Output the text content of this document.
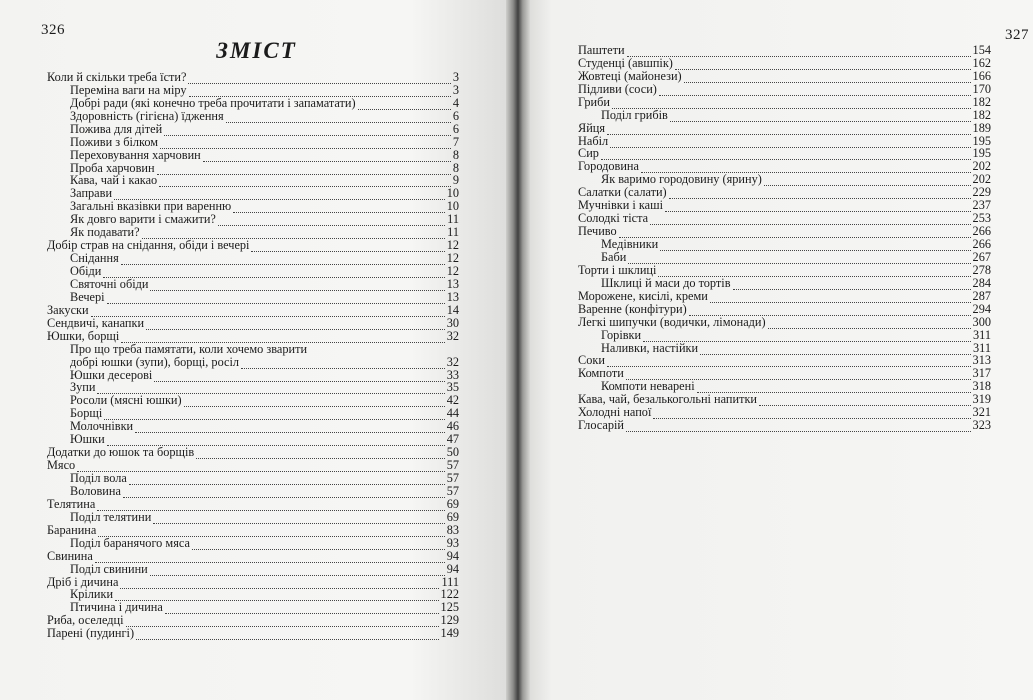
326
ЗМІСТ
Коли й скільки треба їсти?	3
Переміна ваги на міру	3
Добрі ради (які конечно треба прочитати і запаматати)	4
Здоровність (гігієна) їдження	6
Пожива для дітей	6
Поживи з білком	7
Переховування харчовин	8
Проба харчовин	8
Кава, чай і какао	9
Заправи	10
Загальні вказівки при варенню	10
Як довго варити і смажити?	11
Як подавати?	11
Добір страв на снідання, обіди і вечері	12
Снідання	12
Обіди	12
Святочні обіди	13
Вечері	13
Закуски	14
Сендвичі, канапки	30
Юшки, борщі	32
Про що треба памятати, коли хочемо зварити
добрі юшки (зупи), борщі, росіл	32
Юшки десерові	33
Зупи	35
Росоли (мясні юшки)	42
Борщі	44
Молочнівки	46
Юшки	47
Додатки до юшок та борщів	50
Мясо	57
Поділ вола	57
Воловина	57
Телятина	69
Поділ телятини	69
Баранина	83
Поділ баранячого мяса	93
Свинина	94
Поділ свинини	94
Дріб і дичина	111
Крілики	122
Птичина і дичина	125
Риба, оселедці	129
Парені (пудингі)	149
327
Паштети	154
Студенці (авшпік)	162
Жовтеці (майонези)	166
Підливи (соси)	170
Гриби	182
Поділ грибів	182
Яйця	189
Набіл	195
Сир	195
Городовина	202
Як варимо городовину (ярину)	202
Салатки (салати)	229
Мучнівки і каші	237
Солодкі тіста	253
Печиво	266
Медівники	266
Баби	267
Торти і шклиці	278
Шклиці й маси до тортів	284
Морожене, кисілі, креми	287
Варенне (конфітури)	294
Легкі шипучки (водички, лімонади)	300
Горівки	311
Наливки, настійки	311
Соки	313
Компоти	317
Компоти неварені	318
Кава, чай, безалькогольні напитки	319
Холодні напої	321
Глосарій	323
